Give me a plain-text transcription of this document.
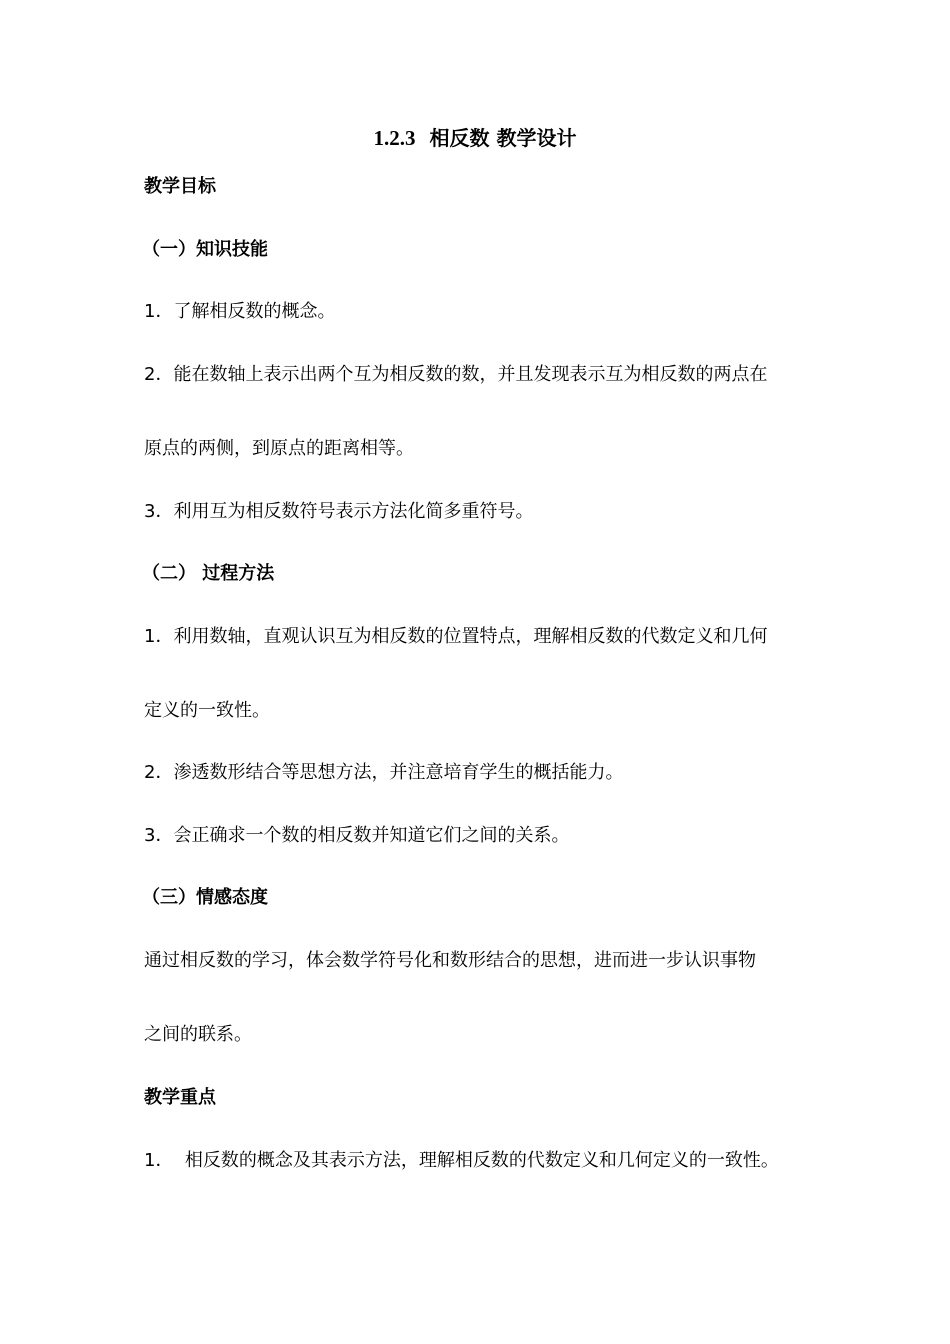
1.2.3 相反数 教学设计
教学目标
（一）知识技能
1．了解相反数的概念。
2．能在数轴上表示出两个互为相反数的数，并且发现表示互为相反数的两点在
原点的两侧，到原点的距离相等。
3．利用互为相反数符号表示方法化简多重符号。
（二） 过程方法
1．利用数轴，直观认识互为相反数的位置特点，理解相反数的代数定义和几何
定义的一致性。
2．渗透数形结合等思想方法，并注意培育学生的概括能力。
3．会正确求一个数的相反数并知道它们之间的关系。
（三）情感态度
通过相反数的学习，体会数学符号化和数形结合的思想，进而进一步认识事物
之间的联系。
教学重点
1．  相反数的概念及其表示方法，理解相反数的代数定义和几何定义的一致性。
